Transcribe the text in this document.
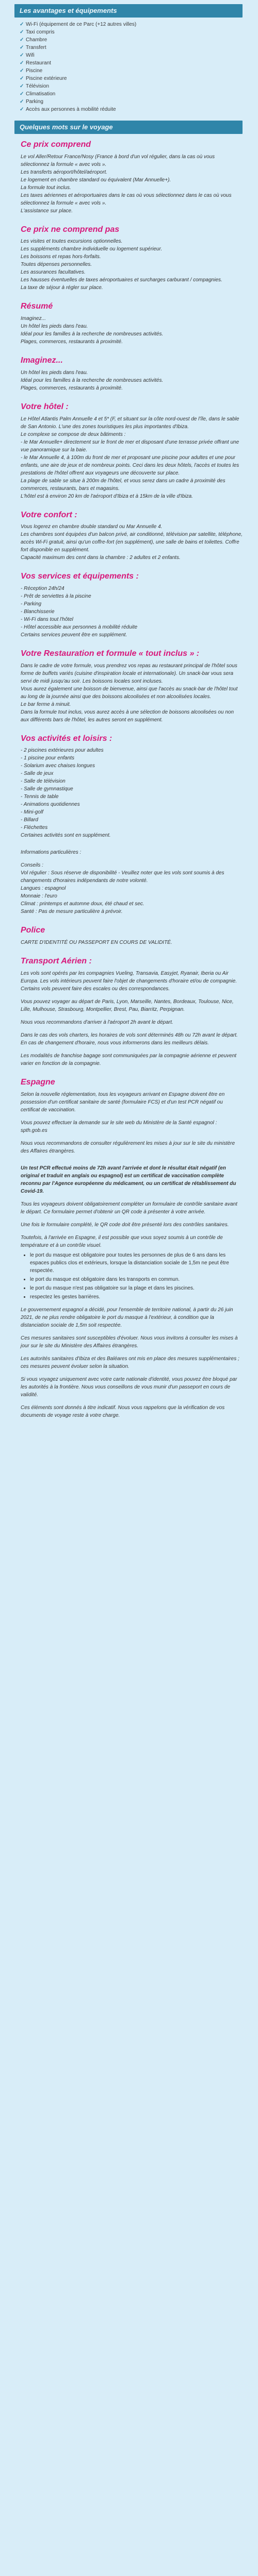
Les avantages et équipements
✓ Wi-Fi (équipement de ce Parc (+12 autres villes)
✓ Taxi compris
✓ Chambre
✓ Transfert
✓ Wifi
✓ Restaurant
✓ Piscine
✓ Piscine extérieure
✓ Télévision
✓ Climatisation
✓ Parking
✓ Accès aux personnes à mobilité réduite
Quelques mots sur le voyage
Ce prix comprend

Le vol Aller/Retour France/Nosy (France à bord d'un vol régulier, dans la cas où vous sélectionnez la formule « avec vols ».

Les transferts aéroport/hôtel/aéroport.

Le logement en chambre standard ou équivalent (Mar Annuelle+).

La formule tout inclus.

Les taxes aériennes et aéroportuaires dans le cas où vous sélectionnez dans le cas où vous sélectionnez la formule « avec vols ».

L'assistance sur place.

Ce prix ne comprend pas

Les visites et toutes excursions optionnelles.

Les suppléments chambre individuelle ou logement supérieur.

Les boissons et repas hors-forfaits.

Toutes dépenses personnelles.

Les assurances facultatives.

Les hausses éventuelles de taxes aéroportuaires et surcharges carburant / compagnies.

La taxe de séjour à régler sur place.

Résumé

Imaginez...

Un hôtel les pieds dans l'eau.

Idéal pour les familles à la recherche de nombreuses activités.

Plages, commerces, restaurants à proximité.

Imaginez...

Un hôtel les pieds dans l'eau.

Idéal pour les familles à la recherche de nombreuses activités.

Plages, commerces, restaurants à proximité.

Votre hôtel :

Le Hôtel Atlantis Palm Annuelle 4 et 5* (F, et situant sur la côte nord-ouest de l'île, dans le sable de San Antonio. L'une des zones touristiques les plus importantes d'Ibiza.

Le complexe se compose de deux bâtiments :

- le Mar Annuelle+ directement sur le front de mer et disposant d'une terrasse privée offrant une vue panoramique sur la baie.

- le Mar Annuelle 4, à 100m du front de mer et proposant une piscine pour adultes et une pour enfants, une aire de jeux et de nombreux points. Ceci dans les deux hôtels, l'accès et toutes les prestations de l'hôtel offrent aux voyageurs une découverte sur place.

La plage de sable se situe à 200m de l'hôtel, et vous serez dans un cadre à proximité des commerces, restaurants, bars et magasins.

L'hôtel est à environ 20 km de l'aéroport d'Ibiza et à 15km de la ville d'Ibiza.

Votre confort :

Vous logerez en chambre double standard ou Mar Annuelle 4.

Les chambres sont équipées d'un balcon privé, air conditionné, télévision par satellite, téléphone, accès Wi-Fi gratuit, ainsi qu'un coffre-fort (en supplément), une salle de bains et toilettes. Coffre fort disponible en supplément.

Capacité maximum des cent dans la chambre : 2 adultes et 2 enfants.

Vos services et équipements :

- Réception 24h/24

- Prêt de serviettes à la piscine

- Parking

- Blanchisserie

- Wi-Fi dans tout l'hôtel

- Hôtel accessible aux personnes à mobilité réduite

Certains services peuvent être en supplément.

Votre Restauration et formule « tout inclus » :

Dans le cadre de votre formule, vous prendrez vos repas au restaurant principal de l'hôtel sous forme de buffets variés (cuisine d'inspiration locale et internationale). Un snack-bar vous sera servi de midi jusqu'au soir. Les boissons locales sont incluses.

Vous aurez également une boisson de bienvenue, ainsi que l'accès au snack-bar de l'hôtel tout au long de la journée ainsi que des boissons alcoolisées et non alcoolisées locales.

Le bar ferme à minuit.

Dans la formule tout inclus, vous aurez accès à une sélection de boissons alcoolisées ou non aux différents bars de l'hôtel, les autres seront en supplément.

Vos activités et loisirs :

- 2 piscines extérieures pour adultes

- 1 piscine pour enfants

- Solarium avec chaises longues

- Salle de jeux

- Salle de télévision

- Salle de gymnastique

- Tennis de table

- Animations quotidiennes

- Mini-golf

- Billard

- Fléchettes

Certaines activités sont en supplément.

Informations particulières :

Conseils :

Vol régulier : Sous réserve de disponibilité - Veuillez noter que les vols sont soumis à des changements d'horaires indépendants de notre volonté.

Langues : espagnol

Monnaie : l'euro

Climat : printemps et automne doux, été chaud et sec.

Santé : Pas de mesure particulière à prévoir.

Police

CARTE D'IDENTITÉ OU PASSEPORT EN COURS DE VALIDITÉ.

Transport Aérien :

Les vols sont opérés par les compagnies Vueling, Transavia, Easyjet, Ryanair, Iberia ou Air Europa. Les vols intérieurs peuvent faire l'objet de changements d'horaire et/ou de compagnie. Certains vols peuvent faire des escales ou des correspondances.

Vous pouvez voyager au départ de Paris, Lyon, Marseille, Nantes, Bordeaux, Toulouse, Nice, Lille, Mulhouse, Strasbourg, Montpellier, Brest, Pau, Biarritz, Perpignan.

Nous vous recommandons d'arriver à l'aéroport 2h avant le départ.

Dans le cas des vols charters, les horaires de vols sont déterminés 48h ou 72h avant le départ. En cas de changement d'horaire, nous vous informerons dans les meilleurs délais.

Les modalités de franchise bagage sont communiquées par la compagnie aérienne et peuvent varier en fonction de la compagnie.

Espagne

Selon la nouvelle réglementation, tous les voyageurs arrivant en Espagne doivent être en possession d'un certificat sanitaire de santé (formulaire FCS) et d'un test PCR négatif ou certificat de vaccination.

Vous pouvez effectuer la demande sur le site web du Ministère de la Santé espagnol : spth.gob.es

Nous vous recommandons de consulter régulièrement les mises à jour sur le site du ministère des Affaires étrangères.

Un test PCR effectué moins de 72h avant l'arrivée et dont le résultat était négatif (en original et traduit en anglais ou espagnol) est un certificat de vaccination complète reconnu par l'Agence européenne du médicament, ou un certificat de rétablissement du Covid-19.

Tous les voyageurs doivent obligatoirement compléter un formulaire de contrôle sanitaire avant le départ. Ce formulaire permet d'obtenir un QR code à présenter à votre arrivée.

Une fois le formulaire complété, le QR code doit être présenté lors des contrôles sanitaires.

Toutefois, à l'arrivée en Espagne, il est possible que vous soyez soumis à un contrôle de température et à un contrôle visuel.

• le port du masque est obligatoire pour toutes les personnes de plus de 6 ans dans les espaces publics clos et extérieurs, lorsque la distanciation sociale de 1,5m ne peut être respectée.
• le port du masque est obligatoire dans les transports en commun.
• le port du masque n'est pas obligatoire sur la plage et dans les piscines.
• respectez les gestes barrières.

Le gouvernement espagnol a décidé, pour l'ensemble de territoire national, à partir du 26 juin 2021, de ne plus rendre obligatoire le port du masque à l'extérieur, à condition que la distanciation sociale de 1,5m soit respectée.

Ces mesures sanitaires sont susceptibles d'évoluer. Nous vous invitons à consulter les mises à jour sur le site du Ministère des Affaires étrangères.

Les autorités sanitaires d'Ibiza et des Baléares ont mis en place des mesures supplémentaires ; ces mesures peuvent évoluer selon la situation.

Si vous voyagez uniquement avec votre carte nationale d'identité, vous pouvez être bloqué par les autorités à la frontière. Nous vous conseillons de vous munir d'un passeport en cours de validité.

Ces éléments sont donnés à titre indicatif. Nous vous rappelons que la vérification de vos documents de voyage reste à votre charge.
